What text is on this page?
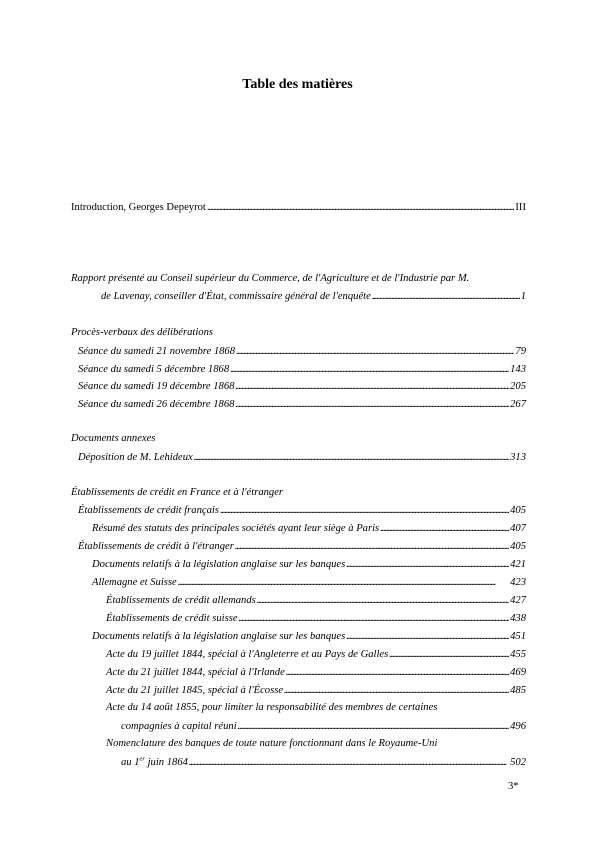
Table des matières
Introduction, Georges Depeyrot . . .	III
Rapport présenté au Conseil supérieur du Commerce, de l'Agriculture et de l'Industrie par M.
de Lavenay, conseiller d'État, commissaire général de l'enquête . . .	1
Procès-verbaux des délibérations
Séance du samedi 21 novembre 1868 . . .	79
Séance du samedi 5 décembre 1868 . . .	143
Séance du samedi 19 décembre 1868 . . .	205
Séance du samedi 26 décembre 1868 . . .	267
Documents annexes
Déposition de M. Lehideux . . .	313
Établissements de crédit en France et à l'étranger
Établissements de crédit français . . .	405
Résumé des statuts des principales sociétés ayant leur siège à Paris . . .	407
Établissements de crédit à l'étranger . . .	405
Documents relatifs à la législation anglaise sur les banques . . .	421
Allemagne et Suisse . . .	423
Établissements de crédit allemands . . .	427
Établissements de crédit suisse . . .	438
Documents relatifs à la législation anglaise sur les banques . . .	451
Acte du 19 juillet 1844, spécial à l'Angleterre et au Pays de Galles . . .	455
Acte du 21 juillet 1844, spécial à l'Irlande . . .	469
Acte du 21 juillet 1845, spécial à l'Écosse . . .	485
Acte du 14 août 1855, pour limiter la responsabilité des membres de certaines
compagnies à capital réuni . . .	496
Nomenclature des banques de toute nature fonctionnant dans le Royaume-Uni
au 1er juin 1864 . . .	502
3*
